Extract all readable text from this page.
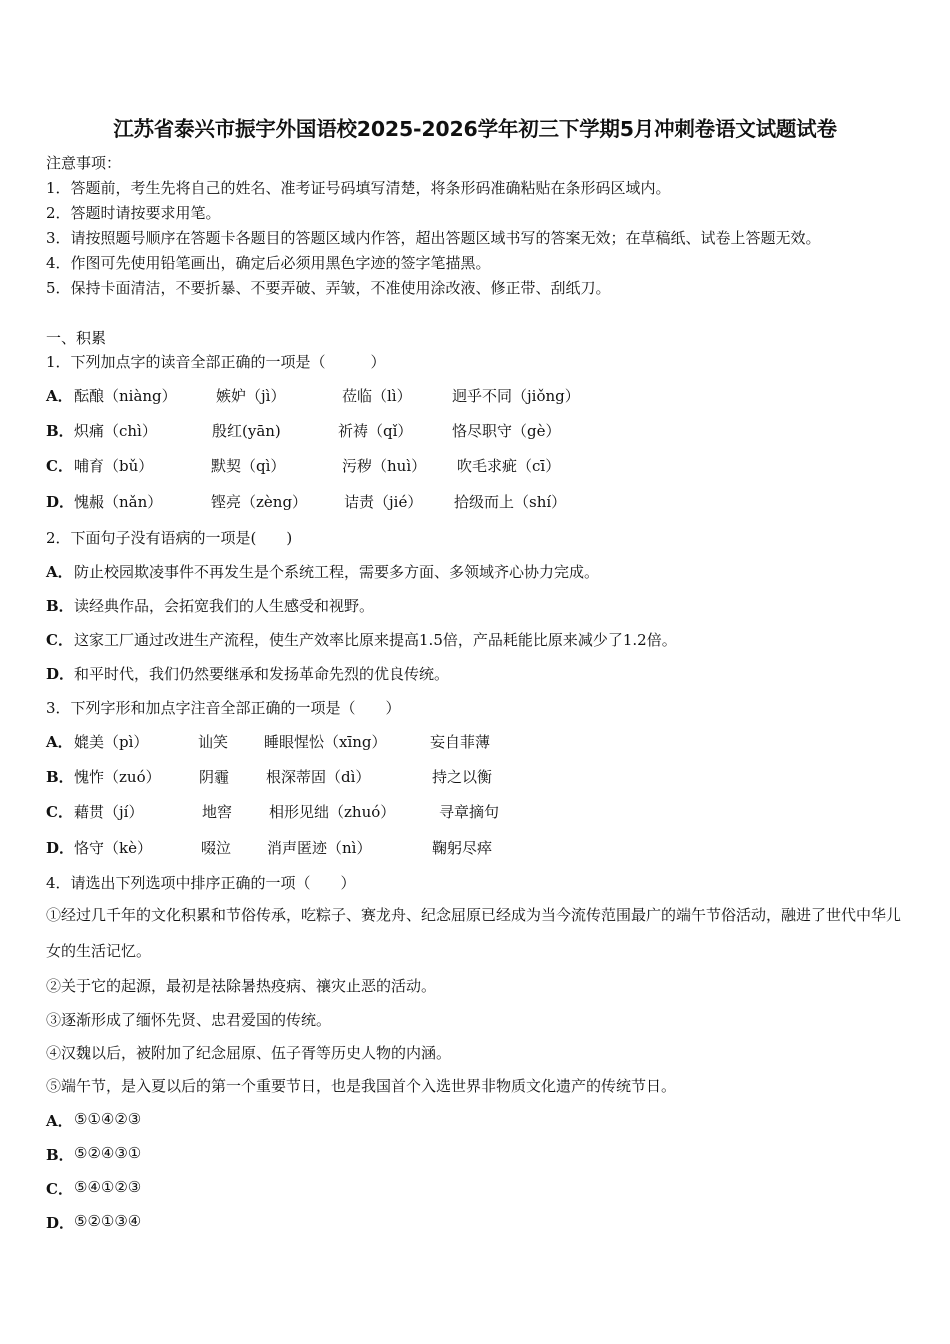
江苏省泰兴市振宇外国语校2025-2026学年初三下学期5月冲刺卷语文试题试卷
注意事项：
1．答题前，考生先将自己的姓名、准考证号码填写清楚，将条形码准确粘贴在条形码区域内。
2．答题时请按要求用笔。
3．请按照题号顺序在答题卡各题目的答题区域内作答，超出答题区域书写的答案无效；在草稿纸、试卷上答题无效。
4．作图可先使用铅笔画出，确定后必须用黑色字迹的签字笔描黑。
5．保持卡面清洁，不要折暴、不要弄破、弄皱，不准使用涂改液、修正带、刮纸刀。
一、积累
1．下列加点字的读音全部正确的一项是（　　　）
A． 酝酿（niàng）	嫉妒（jì）	莅临（lì）	迥乎不同（jiǒng）
B． 炽痛（chì）	殷红(yān)	祈祷（qǐ）	恪尽职守（gè）
C． 哺育（bǔ）	默契（qì）	污秽（huì） 吹毛求疵（cī）
D． 愧赧（nǎn）	铿亮（zèng） 诘责（jié） 拾级而上（shí）
2．下面句子没有语病的一项是(　　)
A． 防止校园欺凌事件不再发生是个系统工程，需要多方面、多领域齐心协力完成。
B． 读经典作品，会拓宽我们的人生感受和视野。
C． 这家工厂通过改进生产流程，使生产效率比原来提高1.5倍，产品耗能比原来减少了1.2倍。
D． 和平时代，我们仍然要继承和发扬革命先烈的优良传统。
3．下列字形和加点字注音全部正确的一项是（　　）
A． 媲美（pì）	讪笑 睡眼惺忪（xīng）	妄自菲薄
B． 愧怍（zuó）	阴霾 根深蒂固（dì）	持之以衡
C． 藉贯（jí）	地窖 相形见绌（zhuó）	寻章摘句
D． 恪守（kè）	啜泣 消声匿迹（nì）	鞠躬尽瘁
4．请选出下列选项中排序正确的一项（　　）
①经过几千年的文化积累和节俗传承，吃粽子、赛龙舟、纪念屈原已经成为当今流传范围最广的端午节俗活动，融进了世代中华儿女的生活记忆。
②关于它的起源，最初是祛除暑热疫病、禳灾止恶的活动。
③逐渐形成了缅怀先贤、忠君爱国的传统。
④汉魏以后，被附加了纪念屈原、伍子胥等历史人物的内涵。
⑤端午节，是入夏以后的第一个重要节日，也是我国首个入选世界非物质文化遗产的传统节日。
A． ⑤①④②③
B． ⑤②④③①
C． ⑤④①②③
D． ⑤②①③④
